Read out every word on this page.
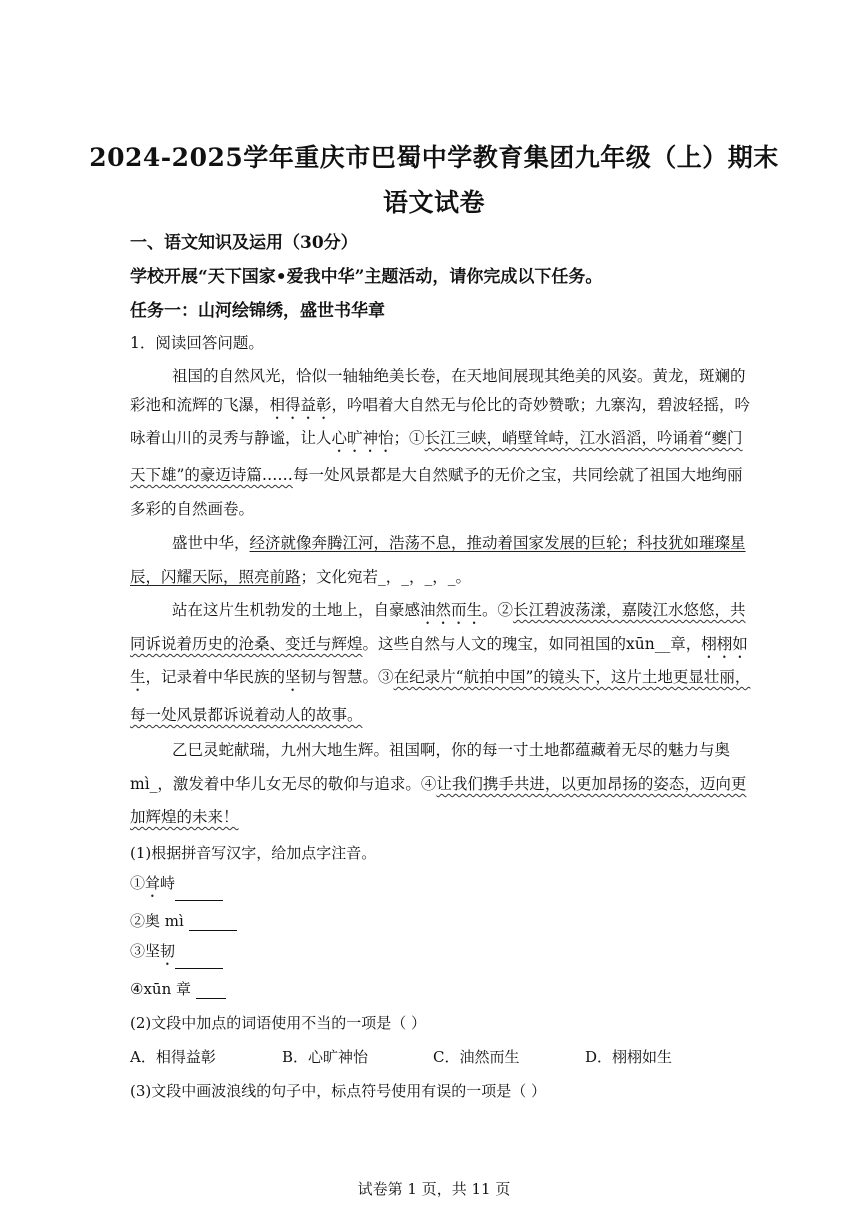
2024-2025学年重庆市巴蜀中学教育集团九年级（上）期末
语文试卷
一、语文知识及运用（30分）
学校开展“天下国家•爱我中华”主题活动，请你完成以下任务。
任务一：山河绘锦绣，盛世书华章
1．阅读回答问题。
祖国的自然风光，恰似一轴轴绝美长卷，在天地间展现其绝美的风姿。黄龙，斑斓的
彩池和流辉的飞瀑，相得益彰，吟唱着大自然无与伦比的奇妙赞歌；九寨沟，碧波轻摇，吟
咏着山川的灵秀与静谧，让人心旷神怡；①长江三峡，峭壁耸峙，江水滔滔，吟诵着“夔门
天下雄”的豪迈诗篇……每一处风景都是大自然赋予的无价之宝，共同绘就了祖国大地绚丽
多彩的自然画卷。
盛世中华，经济就像奔腾江河，浩荡不息，推动着国家发展的巨轮；科技犹如璀璨星
辰，闪耀天际，照亮前路；文化宛若_，_，_，_。
站在这片生机勃发的土地上，自豪感油然而生。②长江碧波荡漾，嘉陵江水悠悠，共
同诉说着历史的沧桑、变迁与辉煌。这些自然与人文的瑰宝，如同祖国的xūn__章，栩栩如
生，记录着中华民族的坚韧与智慧。③在纪录片“航拍中国”的镜头下，这片土地更显壮丽，
每一处风景都诉说着动人的故事。
乙巳灵蛇献瑞，九州大地生辉。祖国啊，你的每一寸土地都蕴藏着无尽的魅力与奥
mì_，激发着中华儿女无尽的敬仰与追求。④让我们携手共进，以更加昂扬的姿态，迈向更
加辉煌的未来！
(1)根据拼音写汉字，给加点字注音。
①耸峙
②奥 mì
③坚韧
④xūn 章
(2)文段中加点的词语使用不当的一项是（ ）
A．相得益彰	B．心旷神怡	C．油然而生	D．栩栩如生
(3)文段中画波浪线的句子中，标点符号使用有误的一项是（ ）
试卷第 1 页，共 11 页
